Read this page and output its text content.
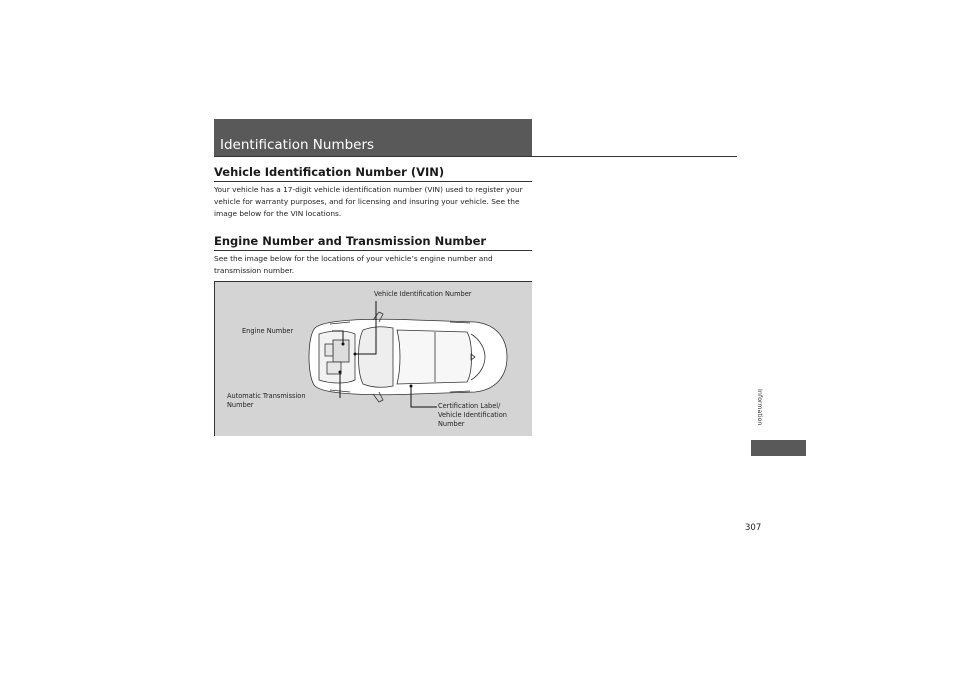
Identification Numbers
Vehicle Identification Number (VIN)

Your vehicle has a 17-digit vehicle identification number (VIN) used to register your

vehicle for warranty purposes, and for licensing and insuring your vehicle. See the

image below for the VIN locations.

Engine Number and Transmission Number

See the image below for the locations of your vehicle’s engine number and

transmission number.

Vehicle Identification Number
Engine Number
Automatic Transmission
Number	Certification Label/
Vehicle Identification
Number	Information
307
